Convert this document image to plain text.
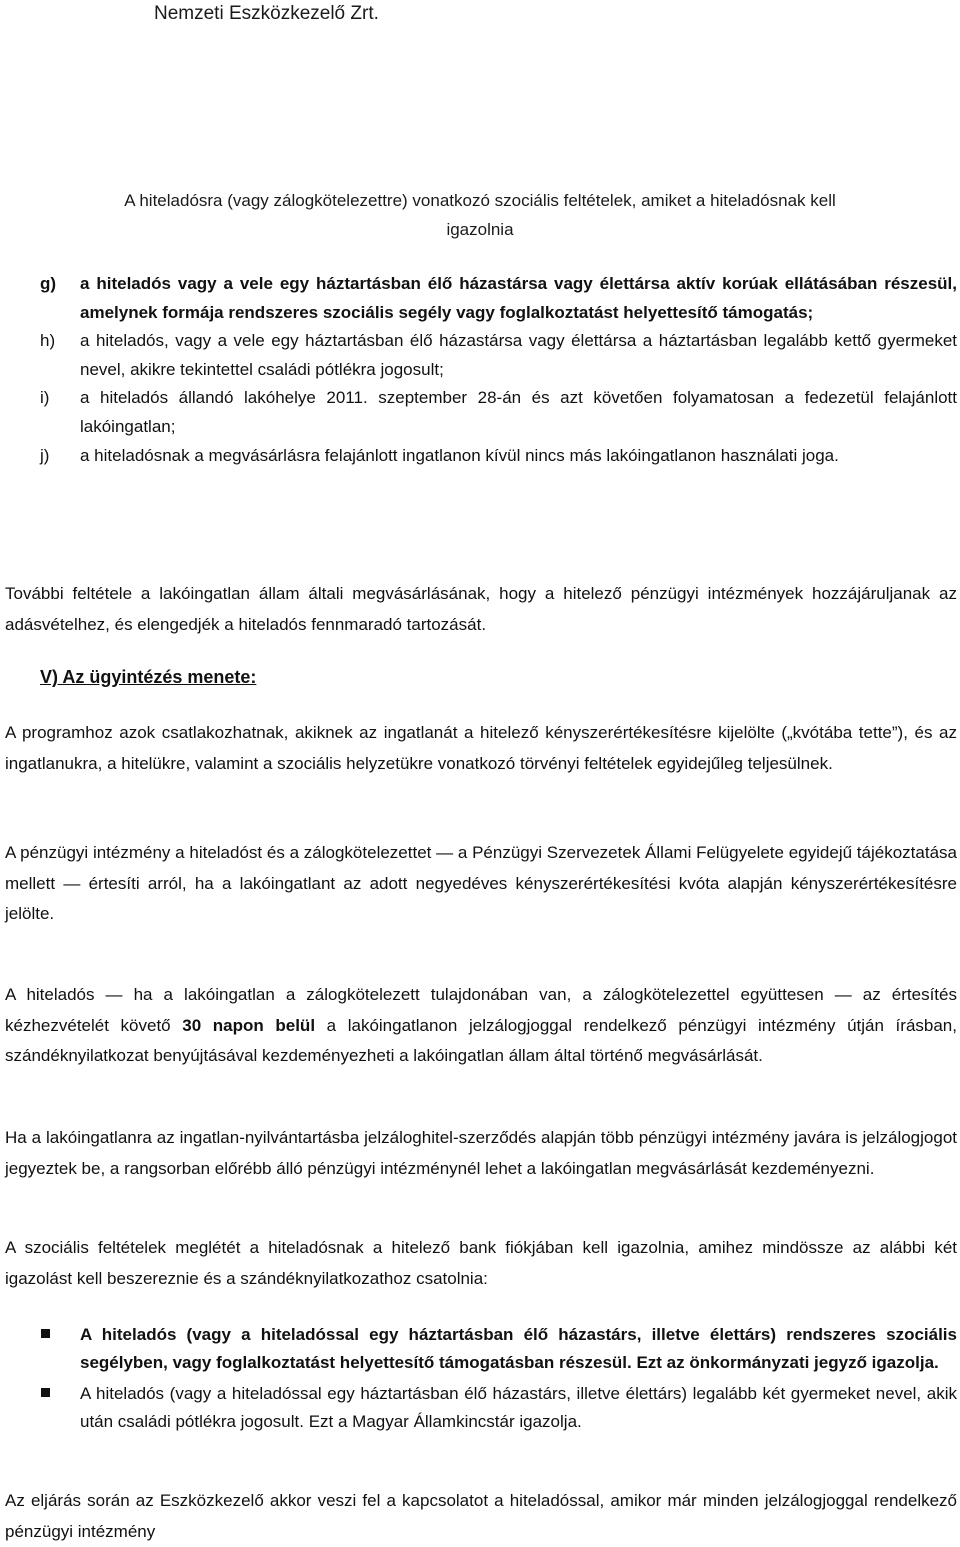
Nemzeti Eszközkezelő Zrt.
A hiteladósra (vagy zálogkötelezettre) vonatkozó szociális feltételek, amiket a hiteladósnak kell
igazolnia
g) a hiteladós vagy a vele egy háztartásban élő házastársa vagy élettársa aktív korúak ellátásában részesül, amelynek formája rendszeres szociális segély vagy foglalkoztatást helyettesítő támogatás;
h) a hiteladós, vagy a vele egy háztartásban élő házastársa vagy élettársa a háztartásban legalább kettő gyermeket nevel, akikre tekintettel családi pótlékra jogosult;
i) a hiteladós állandó lakóhelye 2011. szeptember 28-án és azt követően folyamatosan a fedezetül felajánlott lakóingatlan;
j) a hiteladósnak a megvásárlásra felajánlott ingatlanon kívül nincs más lakóingatlanon használati joga.
További feltétele a lakóingatlan állam általi megvásárlásának, hogy a hitelező pénzügyi intézmények hozzájáruljanak az adásvételhez, és elengedjék a hiteladós fennmaradó tartozását.
V) Az ügyintézés menete:
A programhoz azok csatlakozhatnak, akiknek az ingatlanát a hitelező kényszerértékesítésre kijelölte („kvótába tette”), és az ingatlanukra, a hitelükre, valamint a szociális helyzetükre vonatkozó törvényi feltételek egyidejűleg teljesülnek.
A pénzügyi intézmény a hiteladóst és a zálogkötelezettet — a Pénzügyi Szervezetek Állami Felügyelete egyidejű tájékoztatása mellett — értesíti arról, ha a lakóingatlant az adott negyedéves kényszerértékesítési kvóta alapján kényszerértékesítésre jelölte.
A hiteladós — ha a lakóingatlan a zálogkötelezett tulajdonában van, a zálogkötelezettel együttesen — az értesítés kézhezvételét követő 30 napon belül a lakóingatlanon jelzálogjoggal rendelkező pénzügyi intézmény útján írásban, szándéknyilatkozat benyújtásával kezdeményezheti a lakóingatlan állam által történő megvásárlását.
Ha a lakóingatlanra az ingatlan-nyilvántartásba jelzáloghitel-szerződés alapján több pénzügyi intézmény javára is jelzálogjogot jegyeztek be, a rangsorban előrébb álló pénzügyi intézménynél lehet a lakóingatlan megvásárlását kezdeményezni.
A szociális feltételek meglétét a hiteladósnak a hitelező bank fiókjában kell igazolnia, amihez mindössze az alábbi két igazolást kell beszereznie és a szándéknyilatkozathoz csatolnia:
A hiteladós (vagy a hiteladóssal egy háztartásban élő házastárs, illetve élettárs) rendszeres szociális segélyben, vagy foglalkoztatást helyettesítő támogatásban részesül. Ezt az önkormányzati jegyző igazolja.
A hiteladós (vagy a hiteladóssal egy háztartásban élő házastárs, illetve élettárs) legalább két gyermeket nevel, akik után családi pótlékra jogosult. Ezt a Magyar Államkincstár igazolja.
Az eljárás során az Eszközkezelő akkor veszi fel a kapcsolatot a hiteladóssal, amikor már minden jelzálogjoggal rendelkező pénzügyi intézmény
